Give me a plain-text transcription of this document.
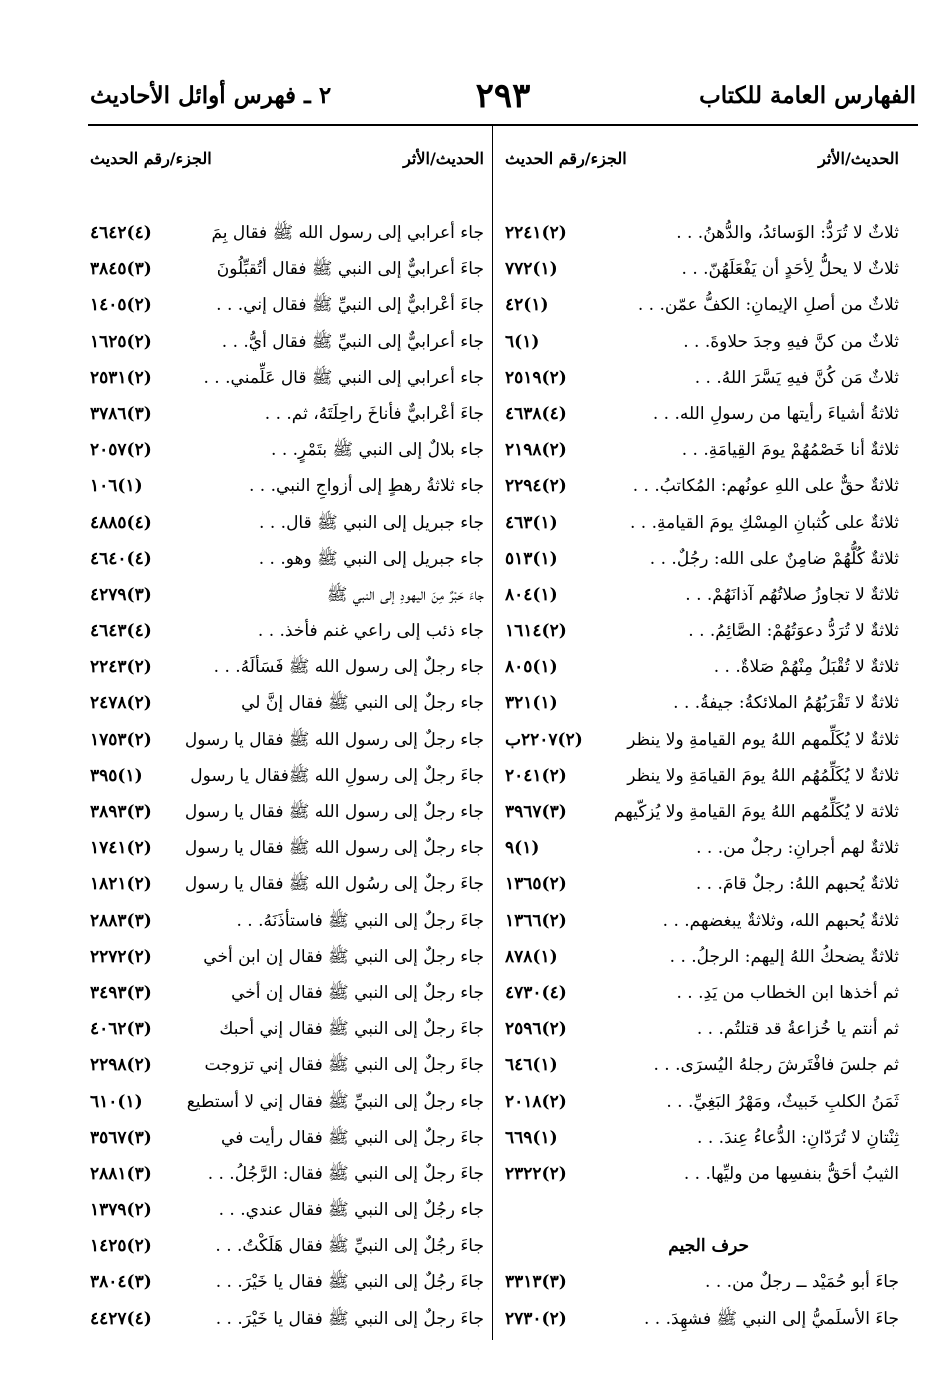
الفهارس العامة للكتاب
٢٩٣
٢ ـ فهرس أوائل الأحاديث
الحديث/الأثر
الجزء/رقم الحديث
ثلاثٌ لا تُرَدُّ: الوَسائدُ، والدُّهنُ. . .
(٢)٢٢٤١
ثلاثٌ لا يحلُّ لِأحَدٍ أن يَفْعَلَهُنّ. . .
(١)٧٧٢
ثلاثٌ من أصلِ الإيمانِ: الكفُّ عمّن. . .
(١)٤٢
ثلاثٌ من كنَّ فيهِ وجدَ حلاوةَ. . .
(١)٦
ثلاثٌ مَن كُنَّ فيهِ يَسَّرَ اللهُ. . .
(٢)٢٥١٩
ثلاثةُ أشياءَ رأيتها من رسولِ الله. . .
(٤)٤٦٣٨
ثلاثةٌ أنا خَصْمُهُمْ يومَ القِيامَةِ. . .
(٢)٢١٩٨
ثلاثةٌ حقٌّ على اللهِ عونُهم: المُكاتبُ. . .
(٢)٢٢٩٤
ثلاثةٌ على كُثبانِ المِسْكِ يومَ القيامةِ. . .
(١)٤٦٣
ثلاثةٌ كُلُّهُمْ ضامِنٌ على الله: رجُلٌ. . .
(١)٥١٣
ثلاثةٌ لا تجاوزُ صلاتُهُم آذانَهُمْ. . .
(١)٨٠٤
ثلاثةٌ لا تُرَدُّ دعوَتُهُمْ: الصَّائِمُ. . .
(٢)١٦١٤
ثلاثةٌ لا تُقْبَلُ مِنْهُمْ صَلاةٌ. . .
(١)٨٠٥
ثلاثةٌ لا تَقْرَبُهُمُ الملائكةُ: جيفةُ. . .
(١)٣٢١
ثلاثةٌ لا يُكَلِّمهم اللهُ يوم القيامةِ ولا ينظر
(٢)٢٢٠٧ب
ثلاثةٌ لا يُكَلِّمُهُم اللهُ يومَ القيامَةِ ولا ينظر
(٢)٢٠٤١
ثلاثة لا يُكَلِّمُهم اللهُ يومَ القيامةِ ولا يُزكّيهم
(٣)٣٩٦٧
ثلاثةٌ لهم أجرانِ: رجلٌ من. . .
(١)٩
ثلاثةٌ يُحبهم اللهُ: رجلٌ قامَ. . .
(٢)١٣٦٥
ثلاثةٌ يُحبهم الله، وثلاثةٌ يبغضهم. . .
(٢)١٣٦٦
ثلاثةٌ يضحكُ اللهُ إليهم: الرجلُ. . .
(١)٨٧٨
ثم أخذها ابن الخطاب من يَدِ. . .
(٤)٤٧٣٠
ثم أنتم يا خُزاعةُ قد قتلتُم. . .
(٢)٢٥٩٦
ثم جلسَ فافْتَرشَ رجلهُ اليُسرَى. . .
(١)٦٤٦
ثَمَنُ الكلبِ خَبيثٌ، ومَهْرُ البَغِيِّ. . .
(٢)٢٠١٨
ثِنْتانِ لا تُرَدّانِ: الدُّعاءُ عِندَ. . .
(١)٦٦٩
الثيبُ أحَقُّ بنفسِها من وليِّها. . .
(٢)٢٣٢٢
حرف الجيم
جاءَ أبو حُمَيْد ــ رجلٌ من. . .
(٣)٣٣١٣
جاءَ الأسلَميُّ إلى النبي ﷺ فشهِدَ. . .
(٢)٢٧٣٠
الحديث/الأثر
الجزء/رقم الحديث
جاء أعرابي إلى رسول الله ﷺ فقال بِمَ
(٤)٤٦٤٢
جاءَ أعرابيٌّ إلى النبي ﷺ فقال أتُقبِّلُونَ
(٣)٣٨٤٥
جاءَ أعْرابيٌّ إلى النبيِّ ﷺ فقال إني. . .
(٢)١٤٠٥
جاء أعرابيٌّ إلى النبيِّ ﷺ فقال أيُّ. . .
(٢)١٦٢٥
جاء أعرابي إلى النبي ﷺ قال عَلِّمني. . .
(٢)٢٥٣١
جاءَ أعْرابيٌّ فأناخَ راحِلَتَهُ، ثم. . .
(٣)٣٧٨٦
جاء بلالٌ إلى النبي ﷺ بتَمْرٍ. . .
(٢)٢٠٥٧
جاء ثلاثةُ رهطٍ إلى أزواجِ النبي. . .
(١)١٠٦
جاء جبريل إلى النبي ﷺ قال. . .
(٤)٤٨٨٥
جاء جبريل إلى النبي ﷺ وهو. . .
(٤)٤٦٤٠
جاءَ حَبْرٌ مِنَ اليهودِ إلى النبي ﷺ
(٣)٤٢٧٩
جاء ذئب إلى راعي غنم فأخذ. . .
(٤)٤٦٤٣
جاء رجلٌ إلى رسول الله ﷺ فَسَألَهُ. . .
(٢)٢٢٤٣
جاء رجلٌ إلى النبي ﷺ فقال إنَّ لي
(٢)٢٤٧٨
جاء رجلٌ إلى رسول الله ﷺ فقال يا رسول
(٢)١٧٥٣
جاءَ رجلٌ إلى رسولِ الله ﷺفقال يا رسول
(١)٣٩٥
جاء رجلٌ إلى رسول الله ﷺ فقال يا رسول
(٣)٣٨٩٣
جاء رجلٌ إلى رسول الله ﷺ فقال يا رسول
(٢)١٧٤١
جاءَ رجلٌ إلى رسُول الله ﷺ فقال يا رسول
(٢)١٨٢١
جاءَ رجلٌ إلى النبي ﷺ فاستأذَنَهُ. . .
(٣)٢٨٨٣
جاء رجلٌ إلى النبي ﷺ فقال إن ابن أخي
(٢)٢٢٧٢
جاء رجلٌ إلى النبي ﷺ فقال إن أخي
(٣)٣٤٩٣
جاءَ رجلٌ إلى النبي ﷺ فقال إني أحبك
(٣)٤٠٦٢
جاءَ رجلٌ إلى النبي ﷺ فقال إني تزوجت
(٢)٢٢٩٨
جاء رجلٌ إلى النبيِّ ﷺ فقال إني لا أستطيع
(١)٦١٠
جاءَ رجلٌ إلى النبي ﷺ فقال رأيت في
(٣)٣٥٦٧
جاءَ رجلٌ إلى النبي ﷺ فقال: الرَّجُلُ. . .
(٣)٢٨٨١
جاء رجُلٌ إلى النبي ﷺ فقال عندي. . .
(٢)١٣٧٩
جاءَ رجُلٌ إلى النبيِّ ﷺ فقال هَلَكْتُ. . .
(٢)١٤٢٥
جاءَ رجُلٌ إلى النبي ﷺ فقال يا خَيْرَ. . .
(٣)٣٨٠٤
جاءَ رجلٌ إلى النبي ﷺ فقال يا خَيْرَ. . .
(٤)٤٤٢٧
